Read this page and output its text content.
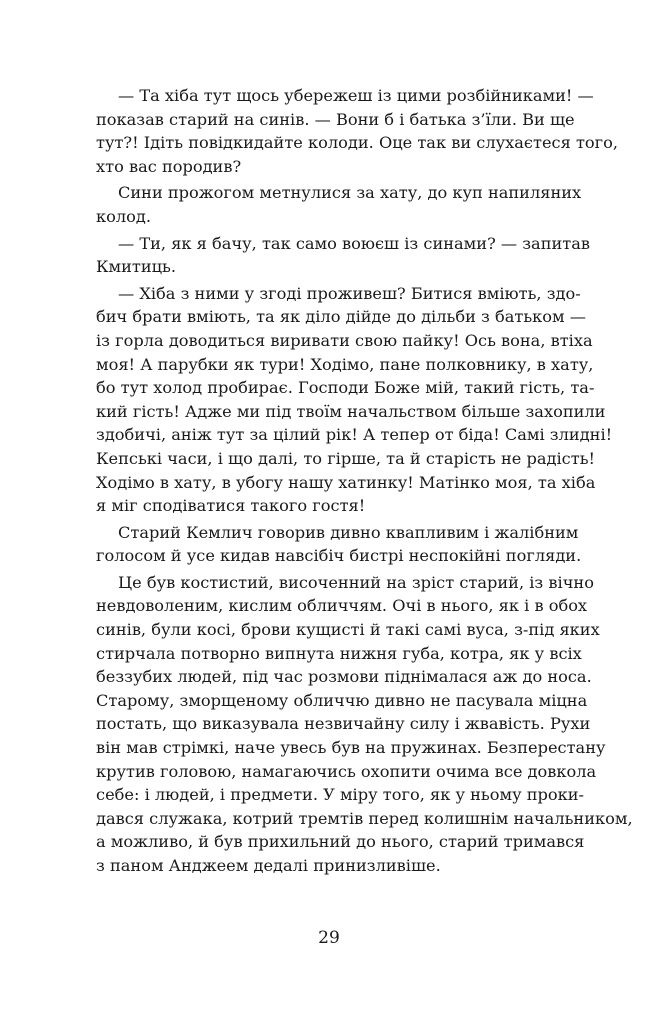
— Та хіба тут щось убережеш із цими розбійниками! —
показав старий на синів. — Вони б і батька з’їли. Ви ще
тут?! Ідіть повідкидайте колоди. Оце так ви слухаєтеся того,
хто вас породив?

Сини прожогом метнулися за хату, до куп напиляних
колод.

— Ти, як я бачу, так само воюєш із синами? — запитав
Кмитиць.

— Хіба з ними у згоді проживеш? Битися вміють, здо-
бич брати вміють, та як діло дійде до дільби з батьком —
із горла доводиться виривати свою пайку! Ось вона, втіха
моя! А парубки як тури! Ходімо, пане полковнику, в хату,
бо тут холод пробирає. Господи Боже мій, такий гість, та-
кий гість! Адже ми під твоїм начальством більше захопили
здобичі, аніж тут за цілий рік! А тепер от біда! Самі злидні!
Кепські часи, і що далі, то гірше, та й старість не радість!
Ходімо в хату, в убогу нашу хатинку! Матінко моя, та хіба
я міг сподіватися такого гостя!

Старий Кемлич говорив дивно квапливим і жалібним
голосом й усе кидав навсібіч бистрі неспокійні погляди.

Це був костистий, височенний на зріст старий, із вічно
невдоволеним, кислим обличчям. Очі в нього, як і в обох
синів, були косі, брови кущисті й такі самі вуса, з-під яких
стирчала потворно випнута нижня губа, котра, як у всіх
беззубих людей, під час розмови піднімалася аж до носа.
Старому, зморщеному обличчю дивно не пасувала міцна
постать, що виказувала незвичайну силу і жвавість. Рухи
він мав стрімкі, наче увесь був на пружинах. Безперестану
крутив головою, намагаючись охопити очима все довкола
себе: і людей, і предмети. У міру того, як у ньому проки-
дався служака, котрий тремтів перед колишнім начальником,
а можливо, й був прихильний до нього, старий тримався
з паном Анджеем дедалі принизливіше.

29
